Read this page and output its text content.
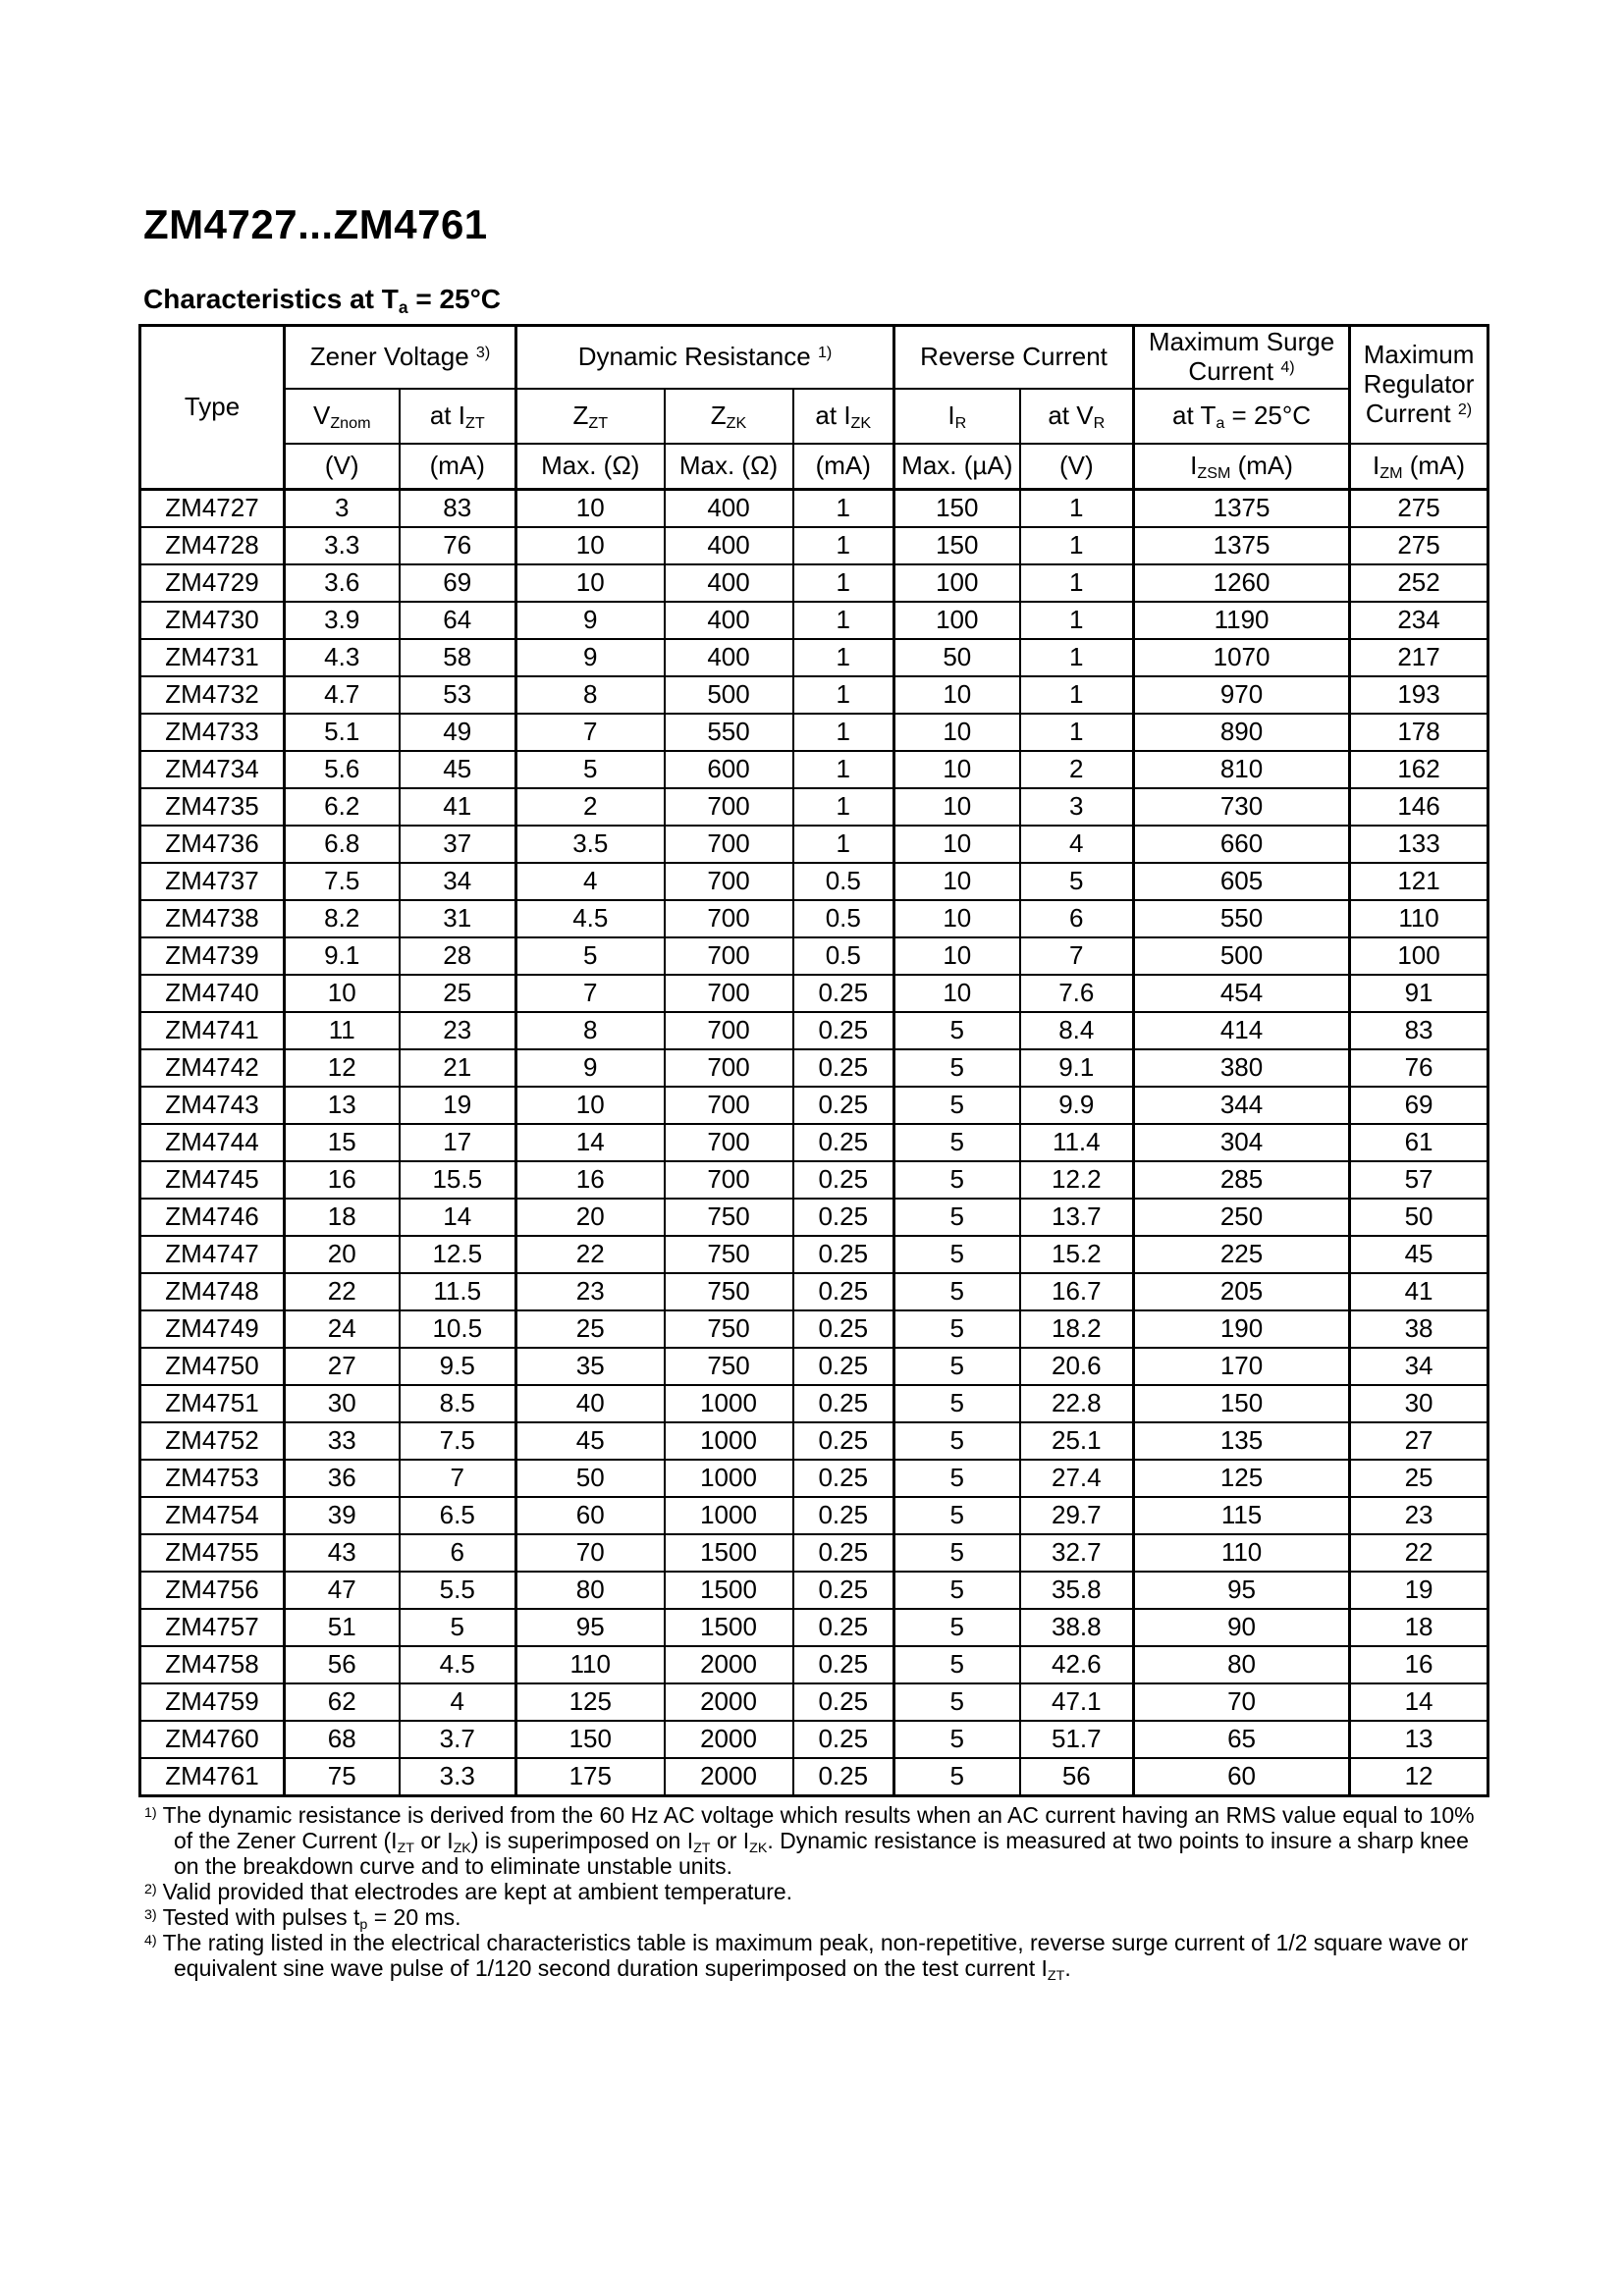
ZM4727...ZM4761
Characteristics at $T_a = 25^\circ C$
Type	Zener Voltage $^{3)}$		Dynamic Resistance $^{1)}$			Reverse Current		Maximum Surge Current $^{4)}$	Maximum Regulator Current $^{2)}$
	$V_{Znom}$	at $I_{ZT}$	$Z_{ZT}$	$Z_{ZK}$	at $I_{ZK}$	$I_R$	at $V_R$	at $T_a = 25^\circ C$	
	(V)	(mA)	Max. (Ω)	Max. (Ω)	(mA)	Max. (µA)	(V)	$I_{ZSM}$ (mA)	$I_{ZM}$ (mA)
ZM4727	3	83	10	400	1	150	1	1375	275
ZM4728	3.3	76	10	400	1	150	1	1375	275
ZM4729	3.6	69	10	400	1	100	1	1260	252
ZM4730	3.9	64	9	400	1	100	1	1190	234
ZM4731	4.3	58	9	400	1	50	1	1070	217
ZM4732	4.7	53	8	500	1	10	1	970	193
ZM4733	5.1	49	7	550	1	10	1	890	178
ZM4734	5.6	45	5	600	1	10	2	810	162
ZM4735	6.2	41	2	700	1	10	3	730	146
ZM4736	6.8	37	3.5	700	1	10	4	660	133
ZM4737	7.5	34	4	700	0.5	10	5	605	121
ZM4738	8.2	31	4.5	700	0.5	10	6	550	110
ZM4739	9.1	28	5	700	0.5	10	7	500	100
ZM4740	10	25	7	700	0.25	10	7.6	454	91
ZM4741	11	23	8	700	0.25	5	8.4	414	83
ZM4742	12	21	9	700	0.25	5	9.1	380	76
ZM4743	13	19	10	700	0.25	5	9.9	344	69
ZM4744	15	17	14	700	0.25	5	11.4	304	61
ZM4745	16	15.5	16	700	0.25	5	12.2	285	57
ZM4746	18	14	20	750	0.25	5	13.7	250	50
ZM4747	20	12.5	22	750	0.25	5	15.2	225	45
ZM4748	22	11.5	23	750	0.25	5	16.7	205	41
ZM4749	24	10.5	25	750	0.25	5	18.2	190	38
ZM4750	27	9.5	35	750	0.25	5	20.6	170	34
ZM4751	30	8.5	40	1000	0.25	5	22.8	150	30
ZM4752	33	7.5	45	1000	0.25	5	25.1	135	27
ZM4753	36	7	50	1000	0.25	5	27.4	125	25
ZM4754	39	6.5	60	1000	0.25	5	29.7	115	23
ZM4755	43	6	70	1500	0.25	5	32.7	110	22
ZM4756	47	5.5	80	1500	0.25	5	35.8	95	19
ZM4757	51	5	95	1500	0.25	5	38.8	90	18
ZM4758	56	4.5	110	2000	0.25	5	42.6	80	16
ZM4759	62	4	125	2000	0.25	5	47.1	70	14
ZM4760	68	3.7	150	2000	0.25	5	51.7	65	13
ZM4761	75	3.3	175	2000	0.25	5	56	60	12

$^{1)}$ The dynamic resistance is derived from the 60 Hz AC voltage which results when an AC current having an RMS value equal to 10% of the Zener Current ($I_{ZT}$ or $I_{ZK}$) is superimposed on $I_{ZT}$ or $I_{ZK}$. Dynamic resistance is measured at two points to insure a sharp knee on the breakdown curve and to eliminate unstable units.

$^{2)}$ Valid provided that electrodes are kept at ambient temperature.

$^{3)}$ Tested with pulses $t_p = 20$ ms.

$^{4)}$ The rating listed in the electrical characteristics table is maximum peak, non-repetitive, reverse surge current of 1/2 square wave or equivalent sine wave pulse of 1/120 second duration superimposed on the test current $I_{ZT}$.
